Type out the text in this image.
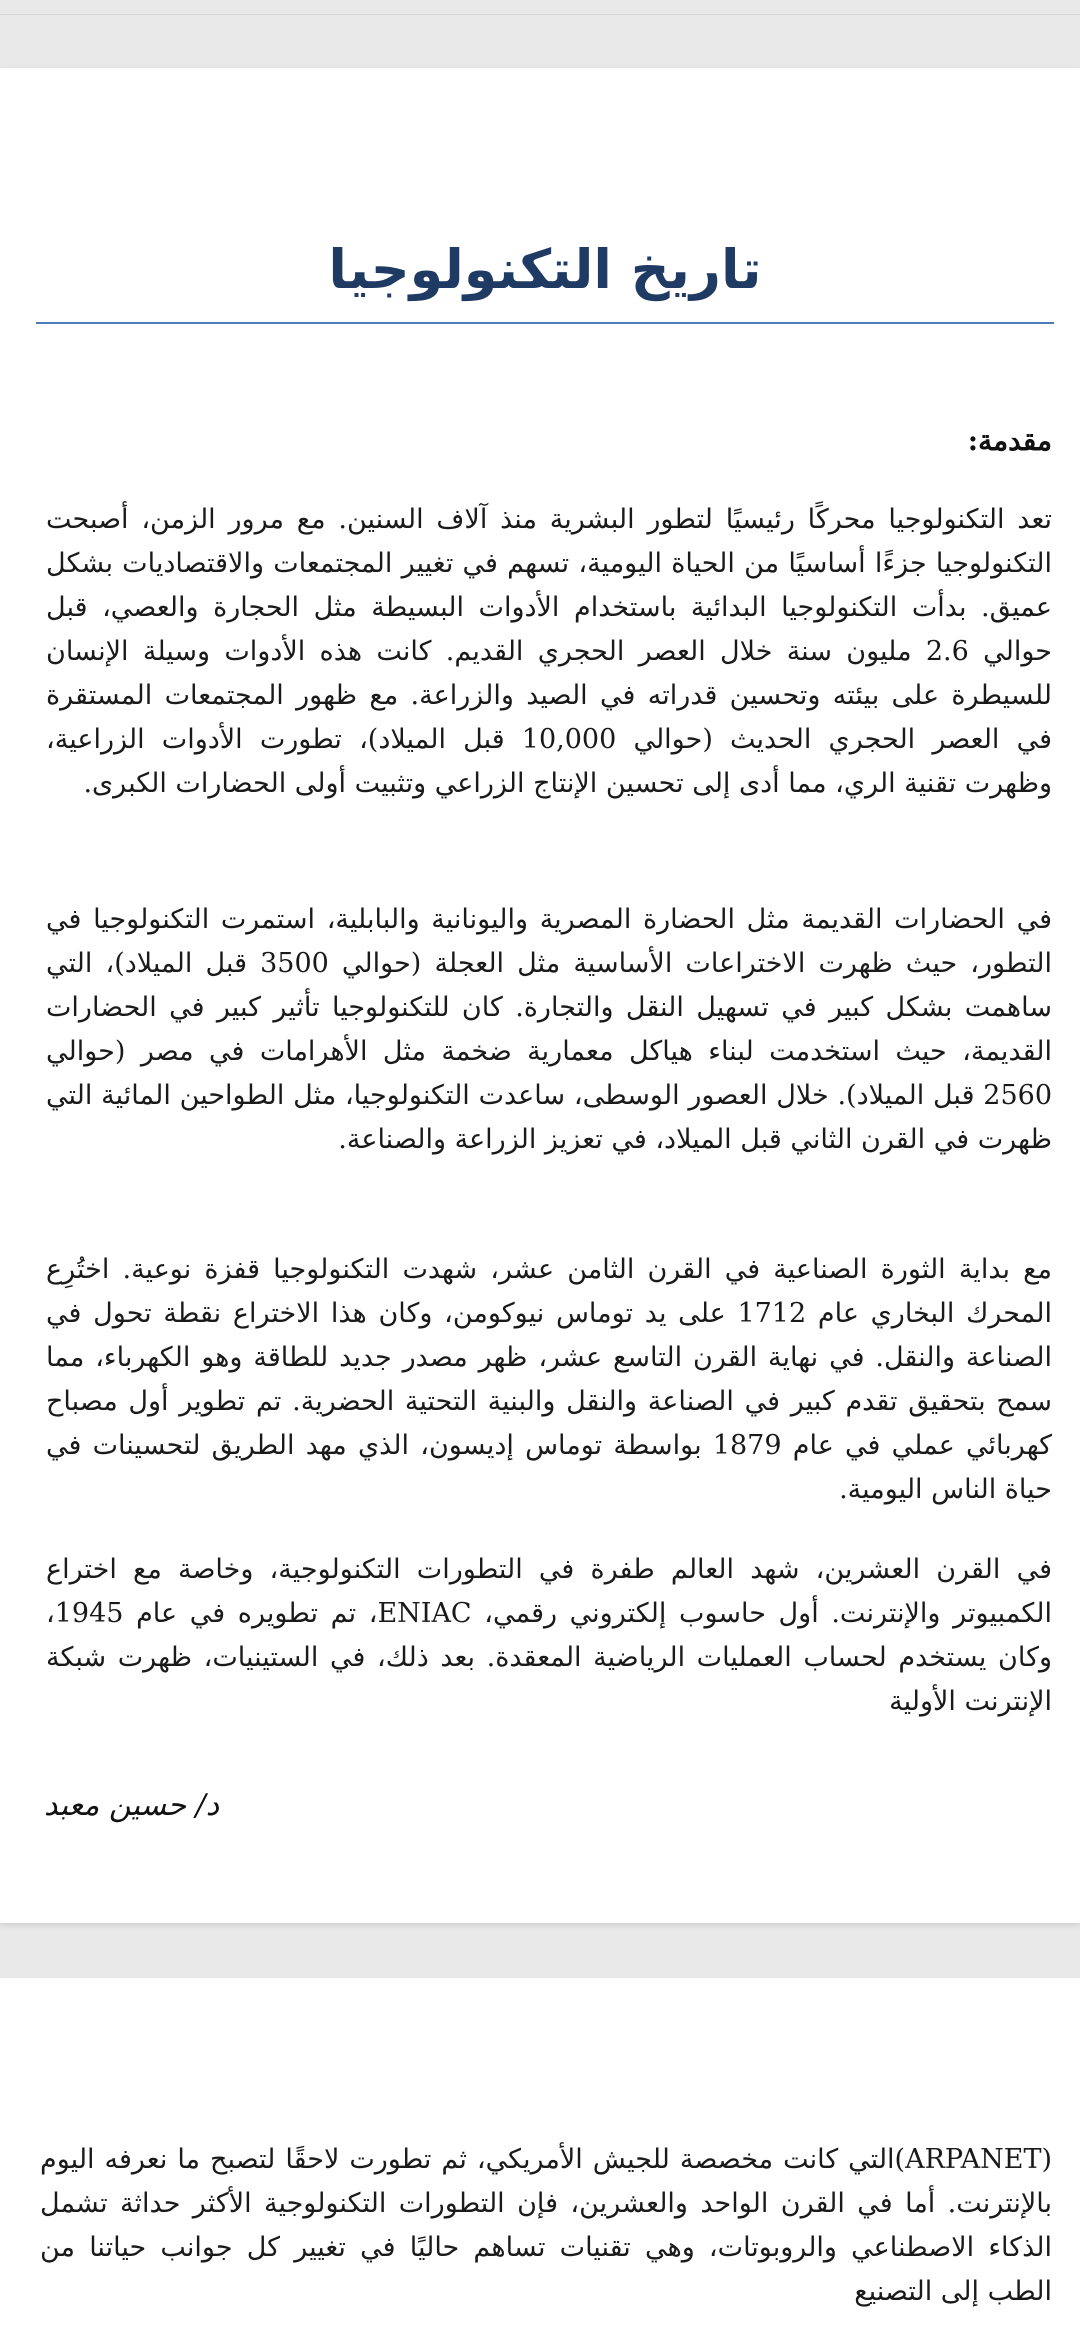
تاريخ التكنولوجيا
مقدمة:

تعد التكنولوجيا محركًا رئيسيًا لتطور البشرية منذ آلاف السنين. مع مرور الزمن، أصبحت التكنولوجيا جزءًا أساسيًا من الحياة اليومية، تسهم في تغيير المجتمعات والاقتصاديات بشكل عميق. بدأت التكنولوجيا البدائية باستخدام الأدوات البسيطة مثل الحجارة والعصي، قبل حوالي 2.6 مليون سنة خلال العصر الحجري القديم. كانت هذه الأدوات وسيلة الإنسان للسيطرة على بيئته وتحسين قدراته في الصيد والزراعة. مع ظهور المجتمعات المستقرة في العصر الحجري الحديث (حوالي 10,000 قبل الميلاد)، تطورت الأدوات الزراعية، وظهرت تقنية الري، مما أدى إلى تحسين الإنتاج الزراعي وتثبيت أولى الحضارات الكبرى.

في الحضارات القديمة مثل الحضارة المصرية واليونانية والبابلية، استمرت التكنولوجيا في التطور، حيث ظهرت الاختراعات الأساسية مثل العجلة (حوالي 3500 قبل الميلاد)، التي ساهمت بشكل كبير في تسهيل النقل والتجارة. كان للتكنولوجيا تأثير كبير في الحضارات القديمة، حيث استخدمت لبناء هياكل معمارية ضخمة مثل الأهرامات في مصر (حوالي 2560 قبل الميلاد). خلال العصور الوسطى، ساعدت التكنولوجيا، مثل الطواحين المائية التي ظهرت في القرن الثاني قبل الميلاد، في تعزيز الزراعة والصناعة.

مع بداية الثورة الصناعية في القرن الثامن عشر، شهدت التكنولوجيا قفزة نوعية. اختُرِع المحرك البخاري عام 1712 على يد توماس نيوكومن، وكان هذا الاختراع نقطة تحول في الصناعة والنقل. في نهاية القرن التاسع عشر، ظهر مصدر جديد للطاقة وهو الكهرباء، مما سمح بتحقيق تقدم كبير في الصناعة والنقل والبنية التحتية الحضرية. تم تطوير أول مصباح كهربائي عملي في عام 1879 بواسطة توماس إديسون، الذي مهد الطريق لتحسينات في حياة الناس اليومية.

في القرن العشرين، شهد العالم طفرة في التطورات التكنولوجية، وخاصة مع اختراع الكمبيوتر والإنترنت. أول حاسوب إلكتروني رقمي، ENIAC، تم تطويره في عام 1945، وكان يستخدم لحساب العمليات الرياضية المعقدة. بعد ذلك، في الستينيات، ظهرت شبكة الإنترنت الأولية

د/ حسين معبد

(ARPANET)التي كانت مخصصة للجيش الأمريكي، ثم تطورت لاحقًا لتصبح ما نعرفه اليوم بالإنترنت. أما في القرن الواحد والعشرين، فإن التطورات التكنولوجية الأكثر حداثة تشمل الذكاء الاصطناعي والروبوتات، وهي تقنيات تساهم حاليًا في تغيير كل جوانب حياتنا من الطب إلى التصنيع
